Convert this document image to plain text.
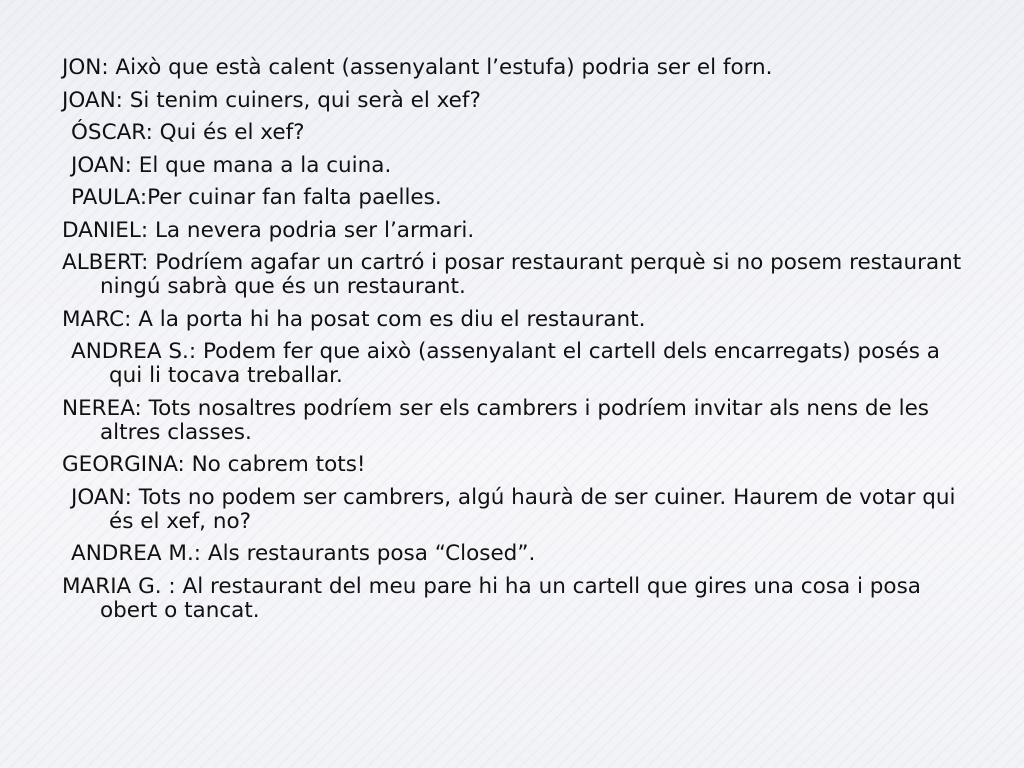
JON: Això que està calent (assenyalant l’estufa) podria ser el forn.
JOAN: Si tenim cuiners, qui serà el xef?
ÓSCAR: Qui és el xef?
JOAN: El que mana a la cuina.
PAULA:Per cuinar fan falta paelles.
DANIEL: La nevera podria ser l’armari.
ALBERT: Podríem agafar un cartró i posar restaurant perquè si no posem restaurant ningú sabrà que és un restaurant.
MARC: A la porta hi ha posat com es diu el restaurant.
ANDREA S.: Podem fer que això (assenyalant el cartell dels encarregats) posés a qui li tocava treballar.
NEREA: Tots nosaltres podríem ser els cambrers i podríem invitar als nens de les altres classes.
GEORGINA: No cabrem tots!
JOAN: Tots no podem ser cambrers, algú haurà de ser cuiner. Haurem de votar qui és el xef, no?
ANDREA M.: Als restaurants posa “Closed”.
MARIA G. : Al restaurant del meu pare hi ha un cartell que gires una cosa i posa obert o tancat.
